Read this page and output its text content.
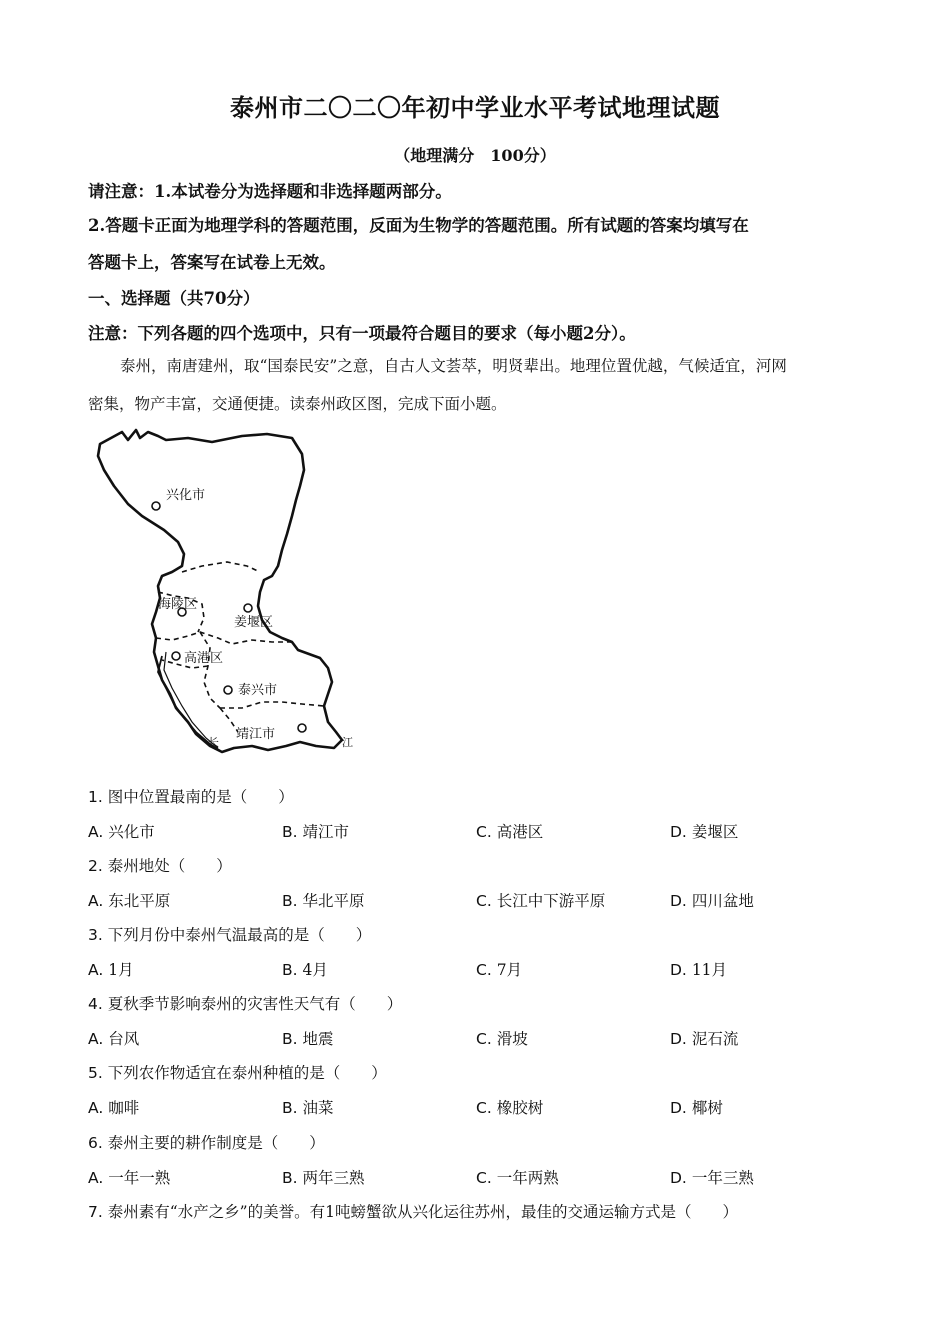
泰州市二〇二〇年初中学业水平考试地理试题
（地理满分　100分）
请注意：1.本试卷分为选择题和非选择题两部分。
2.答题卡正面为地理学科的答题范围，反面为生物学的答题范围。所有试题的答案均填写在
答题卡上，答案写在试卷上无效。
一、选择题（共70分）
注意：下列各题的四个选项中，只有一项最符合题目的要求（每小题2分）。
泰州，南唐建州，取“国泰民安”之意，自古人文荟萃，明贤辈出。地理位置优越，气候适宜，河网
密集，物产丰富，交通便捷。读泰州政区图，完成下面小题。
兴化市
海陵区
姜堰区
高港区
泰兴市
靖江市
长	江
1. 图中位置最南的是（　　）
A. 兴化市	B. 靖江市	C. 高港区	D. 姜堰区
2. 泰州地处（　　）
A. 东北平原	B. 华北平原	C. 长江中下游平原	D. 四川盆地
3. 下列月份中泰州气温最高的是（　　）
A. 1月	B. 4月	C. 7月	D. 11月
4. 夏秋季节影响泰州的灾害性天气有（　　）
A. 台风	B. 地震	C. 滑坡	D. 泥石流
5. 下列农作物适宜在泰州种植的是（　　）
A. 咖啡	B. 油菜	C. 橡胶树	D. 椰树
6. 泰州主要的耕作制度是（　　）
A. 一年一熟	B. 两年三熟	C. 一年两熟	D. 一年三熟
7. 泰州素有“水产之乡”的美誉。有1吨螃蟹欲从兴化运往苏州，最佳的交通运输方式是（　　）
